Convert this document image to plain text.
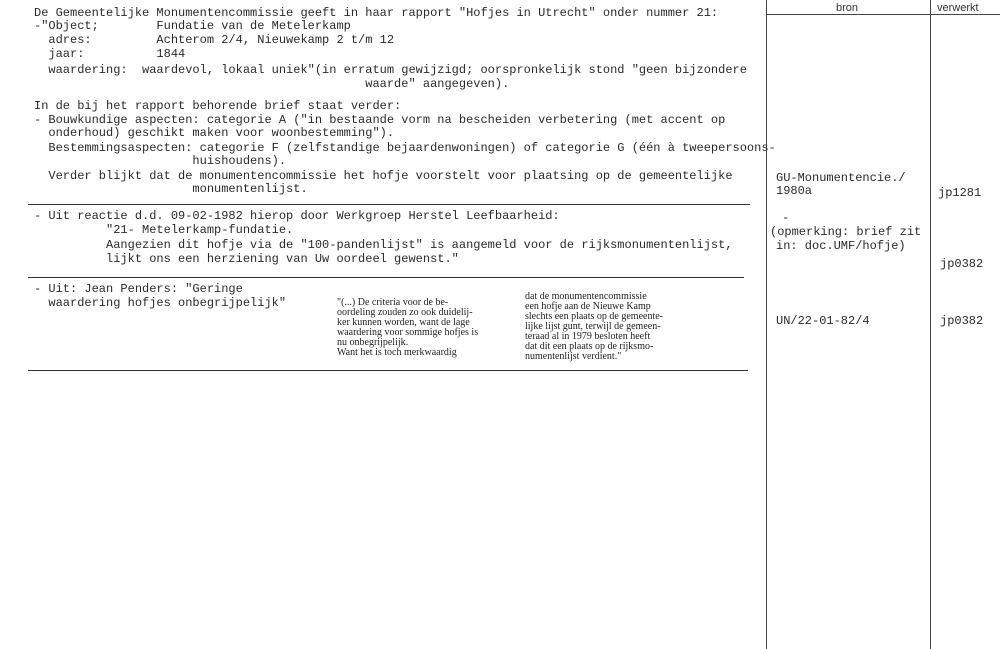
bron	verwerkt
De Gemeentelijke Monumentencommissie geeft in haar rapport "Hofjes in Utrecht" onder nummer 21:
-"Object;        Fundatie van de Metelerkamp
adres:         Achterom 2/4, Nieuwekamp 2 t/m 12
jaar:          1844
waardering:  waardevol, lokaal uniek"(in erratum gewijzigd; oorspronkelijk stond "geen bijzondere
waarde" aangegeven).
In de bij het rapport behorende brief staat verder:
- Bouwkundige aspecten: categorie A ("in bestaande vorm na bescheiden verbetering (met accent op
onderhoud) geschikt maken voor woonbestemming").
Bestemmingsaspecten: categorie F (zelfstandige bejaardenwoningen) of categorie G (één à tweepersoons-
huishoudens).
Verder blijkt dat de monumentencommissie het hofje voorstelt voor plaatsing op de gemeentelijke
monumentenlijst.
GU-Monumentencie./
1980a	jp1281
- Uit reactie d.d. 09-02-1982 hierop door Werkgroep Herstel Leefbaarheid:
"21- Metelerkamp-fundatie.
Aangezien dit hofje via de "100-pandenlijst" is aangemeld voor de rijksmonumentenlijst,
lijkt ons een herziening van Uw oordeel gewenst."
-
(opmerking: brief zit
in: doc.UMF/hofje)
jp0382
- Uit: Jean Penders: "Geringe
waardering hofjes onbegrijpelijk"	"(...) De criteria voor de be-
oordeling zouden zo ook duidelij-
ker kunnen worden, want de lage
waardering voor sommige hofjes is
nu onbegrijpelijk.
Want het is toch merkwaardig
dat de monumentencommissie
een hofje aan de Nieuwe Kamp
slechts een plaats op de gemeente-
lijke lijst gunt, terwijl de gemeen-
teraad al in 1979 besloten heeft
dat dit een plaats op de rijksmo-
numentenlijst verdient."
UN/22-01-82/4	jp0382
